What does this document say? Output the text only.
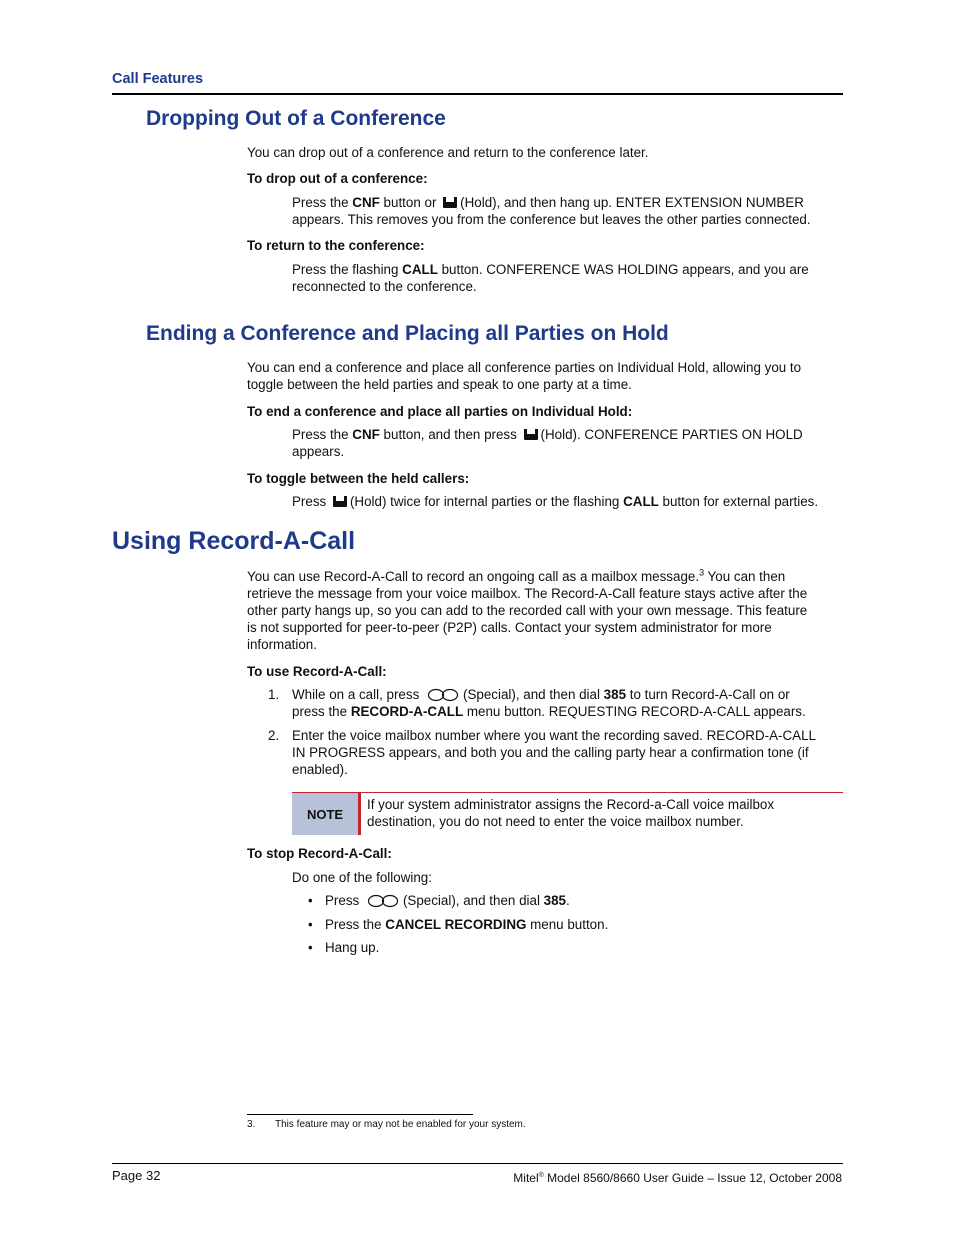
Call Features
Dropping Out of a Conference

You can drop out of a conference and return to the conference later.

To drop out of a conference:

Press the CNF button or (Hold), and then hang up. ENTER EXTENSION NUMBER
appears. This removes you from the conference but leaves the other parties connected.

To return to the conference:

Press the flashing CALL button. CONFERENCE WAS HOLDING appears, and you are
reconnected to the conference.

Ending a Conference and Placing all Parties on Hold

You can end a conference and place all conference parties on Individual Hold, allowing you to
toggle between the held parties and speak to one party at a time.

To end a conference and place all parties on Individual Hold:

Press the CNF button, and then press (Hold). CONFERENCE PARTIES ON HOLD
appears.

To toggle between the held callers:

Press (Hold) twice for internal parties or the flashing CALL button for external parties.

Using Record-A-Call

You can use Record-A-Call to record an ongoing call as a mailbox message.$^3$ You can then
retrieve the message from your voice mailbox. The Record-A-Call feature stays active after the
other party hangs up, so you can add to the recorded call with your own message. This feature
is not supported for peer-to-peer (P2P) calls. Contact your system administrator for more
information.

To use Record-A-Call:

1. While on a call, press	(Special), and then dial 385 to turn Record-A-Call on or
press the RECORD-A-CALL menu button. REQUESTING RECORD-A-CALL appears.

2. Enter the voice mailbox number where you want the recording saved. RECORD-A-CALL
IN PROGRESS appears, and both you and the calling party hear a confirmation tone (if
enabled).

NOTE
If your system administrator assigns the Record-a-Call voice mailbox
destination, you do not need to enter the voice mailbox number.

To stop Record-A-Call:

Do one of the following:

• Press	(Special), and then dial 385.
• Press the CANCEL RECORDING menu button.
• Hang up.
3. This feature may or may not be enabled for your system.
Page 32	Mitel® Model 8560/8660 User Guide – Issue 12, October 2008
